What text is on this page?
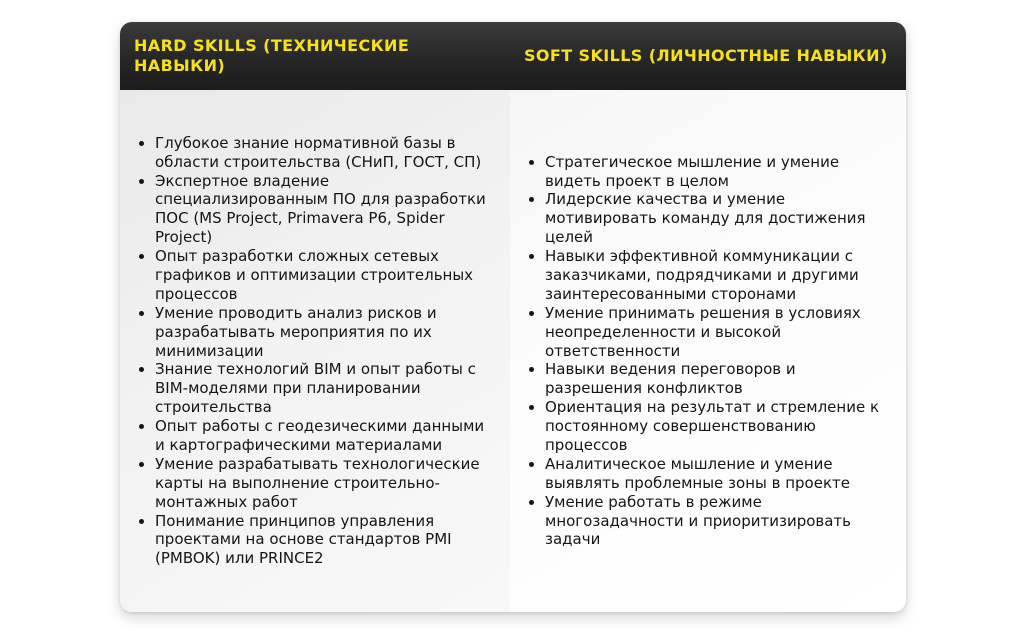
HARD SKILLS (ТЕХНИЧЕСКИЕ НАВЫКИ)
SOFT SKILLS (ЛИЧНОСТНЫЕ НАВЫКИ)
• Глубокое знание нормативной базы в области строительства (СНиП, ГОСТ, СП)
• Экспертное владение специализированным ПО для разработки ПОС (MS Project, Primavera P6, Spider Project)
• Опыт разработки сложных сетевых графиков и оптимизации строительных процессов
• Умение проводить анализ рисков и разрабатывать мероприятия по их минимизации
• Знание технологий BIM и опыт работы с BIM-моделями при планировании строительства
• Опыт работы с геодезическими данными и картографическими материалами
• Умение разрабатывать технологические карты на выполнение строительно-монтажных работ
• Понимание принципов управления проектами на основе стандартов PMI (PMBOK) или PRINCE2
• Стратегическое мышление и умение видеть проект в целом
• Лидерские качества и умение мотивировать команду для достижения целей
• Навыки эффективной коммуникации с заказчиками, подрядчиками и другими заинтересованными сторонами
• Умение принимать решения в условиях неопределенности и высокой ответственности
• Навыки ведения переговоров и разрешения конфликтов
• Ориентация на результат и стремление к постоянному совершенствованию процессов
• Аналитическое мышление и умение выявлять проблемные зоны в проекте
• Умение работать в режиме многозадачности и приоритизировать задачи
